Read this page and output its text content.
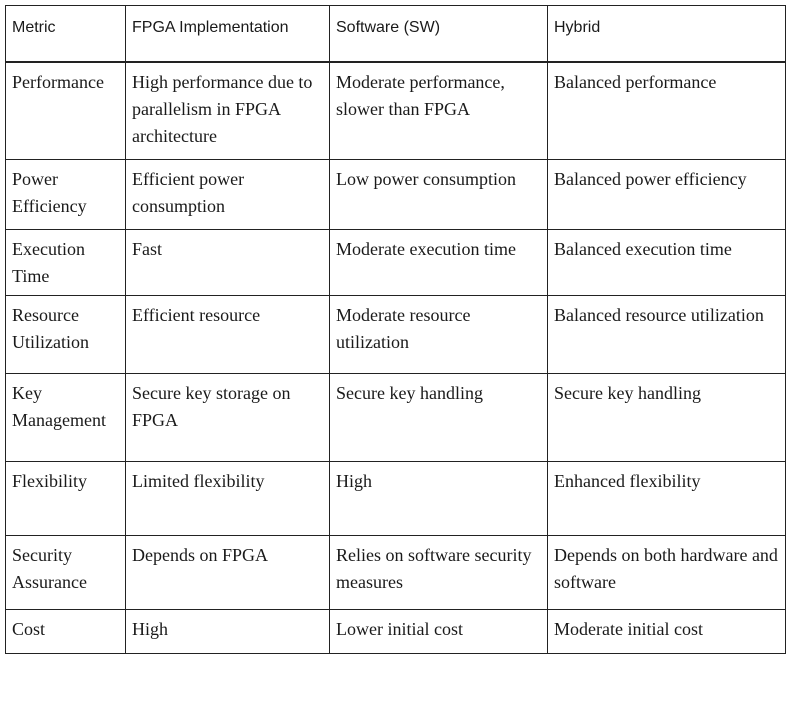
Metric	FPGA Implementation	Software (SW)	Hybrid
Performance	High performance due to parallelism in FPGA architecture	Moderate performance, slower than FPGA	Balanced performance
Power Efficiency	Efficient power consumption	Low power consumption	Balanced power efficiency
Execution Time	Fast	Moderate execution time	Balanced execution time
Resource Utilization	Efficient resource	Moderate resource utilization	Balanced resource utilization
Key Management	Secure key storage on FPGA	Secure key handling	Secure key handling
Flexibility	Limited flexibility	High	Enhanced flexibility
Security Assurance	Depends on FPGA	Relies on software security measures	Depends on both hardware and software
Cost	High	Lower initial cost	Moderate initial cost
